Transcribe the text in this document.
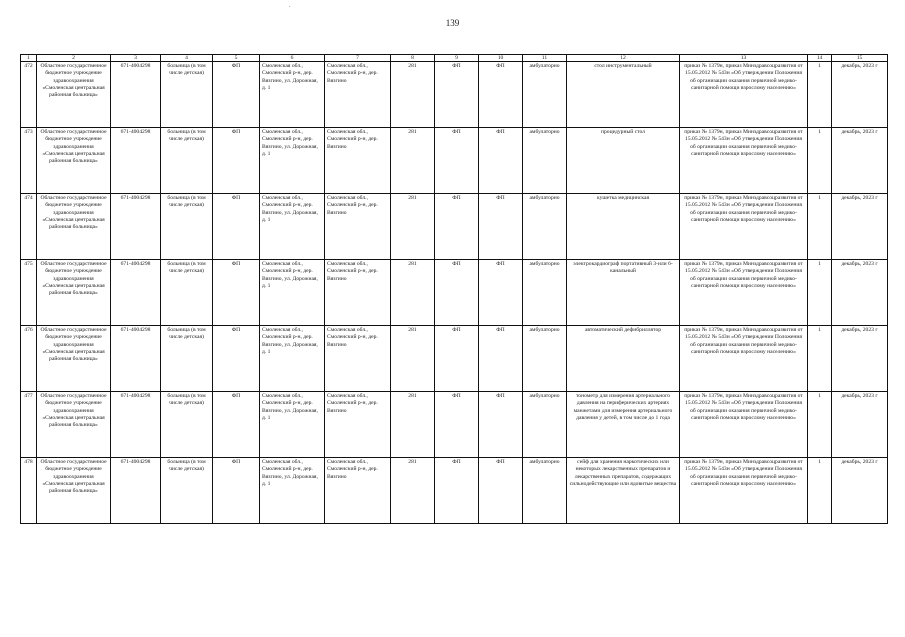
.
139
1	2	3	4	5	6	7	8	9	10	11	12	13	14	15
472	Областное государственное бюджетное учреждение здравоохранения «Смоленская центральная районная больница»	671-4004298	больница (в том числе детская)	ФП	Смоленская обл., Смоленский р-н, дер. Вязгино, ул. Дорожная, д. 1	Смоленская обл., Смоленский р-н, дер. Вязгино	281	ФП	ФП	амбулаторно	стол инструментальный	приказ № 1379н, приказ Минздравсоцразвития от 15.05.2012 № 543н «Об утверждении Положения об организации оказания первичной медико-санитарной помощи взрослому населению»	1	декабрь, 2023 г
473	Областное государственное бюджетное учреждение здравоохранения «Смоленская центральная районная больница»	671-4004298	больница (в том числе детская)	ФП	Смоленская обл., Смоленский р-н, дер. Вязгино, ул. Дорожная, д. 1	Смоленская обл., Смоленский р-н, дер. Вязгино	281	ФП	ФП	амбулаторно	процедурный стол	приказ № 1379н, приказ Минздравсоцразвития от 15.05.2012 № 543н «Об утверждении Положения об организации оказания первичной медико-санитарной помощи взрослому населению»	1	декабрь, 2023 г
474	Областное государственное бюджетное учреждение здравоохранения «Смоленская центральная районная больница»	671-4004298	больница (в том числе детская)	ФП	Смоленская обл., Смоленский р-н, дер. Вязгино, ул. Дорожная, д. 1	Смоленская обл., Смоленский р-н, дер. Вязгино	281	ФП	ФП	амбулаторно	кушетка медицинская	приказ № 1379н, приказ Минздравсоцразвития от 15.05.2012 № 543н «Об утверждении Положения об организации оказания первичной медико-санитарной помощи взрослому населению»	1	декабрь, 2023 г
475	Областное государственное бюджетное учреждение здравоохранения «Смоленская центральная районная больница»	671-4004298	больница (в том числе детская)	ФП	Смоленская обл., Смоленский р-н, дер. Вязгино, ул. Дорожная, д. 1	Смоленская обл., Смоленский р-н, дер. Вязгино	281	ФП	ФП	амбулаторно	электрокардиограф портативный 3-или 6-канальный	приказ № 1379н, приказ Минздравсоцразвития от 15.05.2012 № 543н «Об утверждении Положения об организации оказания первичной медико-санитарной помощи взрослому населению»	1	декабрь, 2023 г
476	Областное государственное бюджетное учреждение здравоохранения «Смоленская центральная районная больница»	671-4004298	больница (в том числе детская)	ФП	Смоленская обл., Смоленский р-н, дер. Вязгино, ул. Дорожная, д. 1	Смоленская обл., Смоленский р-н, дер. Вязгино	281	ФП	ФП	амбулаторно	автоматический дефибриллятор	приказ № 1379н, приказ Минздравсоцразвития от 15.05.2012 № 543н «Об утверждении Положения об организации оказания первичной медико-санитарной помощи взрослому населению»	1	декабрь, 2023 г
477	Областное государственное бюджетное учреждение здравоохранения «Смоленская центральная районная больница»	671-4004298	больница (в том числе детская)	ФП	Смоленская обл., Смоленский р-н, дер. Вязгино, ул. Дорожная, д. 1	Смоленская обл., Смоленский р-н, дер. Вязгино	281	ФП	ФП	амбулаторно	тонометр для измерения артериального давления на периферических артериях манжетами для измерения артериального давления у детей, в том числе до 1 года	приказ № 1379н, приказ Минздравсоцразвития от 15.05.2012 № 543н «Об утверждении Положения об организации оказания первичной медико-санитарной помощи взрослому населению»	1	декабрь, 2023 г
478	Областное государственное бюджетное учреждение здравоохранения «Смоленская центральная районная больница»	671-4004298	больница (в том числе детская)	ФП	Смоленская обл., Смоленский р-н, дер. Вязгино, ул. Дорожная, д. 1	Смоленская обл., Смоленский р-н, дер. Вязгино	281	ФП	ФП	амбулаторно	сейф для хранения наркотических или некоторых лекарственных препаратов и лекарственных препаратов, содержащих сильнодействующие или ядовитые вещества	приказ № 1379н, приказ Минздравсоцразвития от 15.05.2012 № 543н «Об утверждении Положения об организации оказания первичной медико-санитарной помощи взрослому населению»	1	декабрь, 2023 г
